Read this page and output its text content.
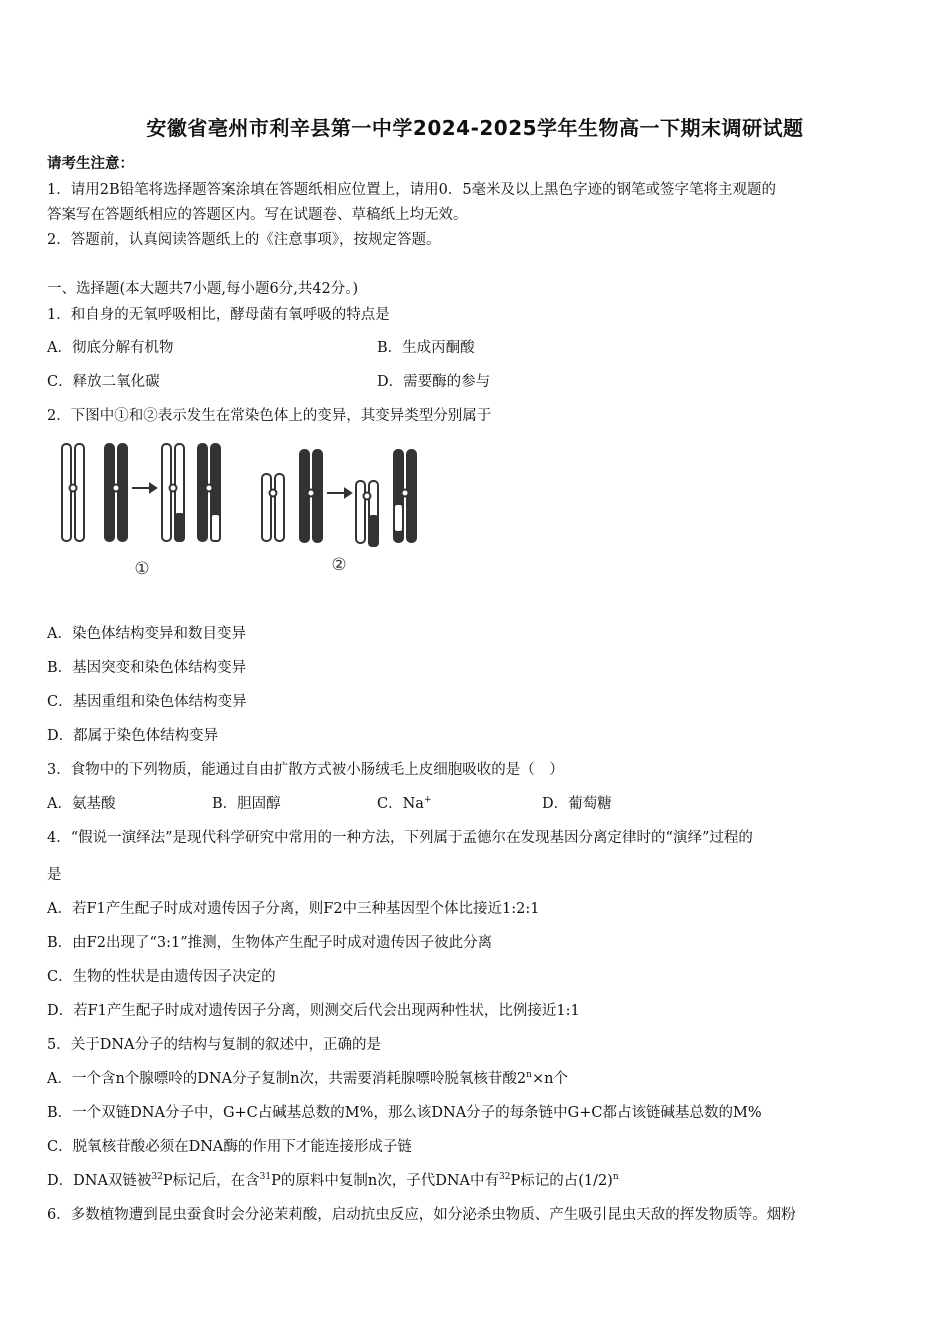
安徽省亳州市利辛县第一中学2024-2025学年生物高一下期末调研试题
请考生注意：
1．请用2B铅笔将选择题答案涂填在答题纸相应位置上，请用0．5毫米及以上黑色字迹的钢笔或签字笔将主观题的
答案写在答题纸相应的答题区内。写在试题卷、草稿纸上均无效。
2．答题前，认真阅读答题纸上的《注意事项》，按规定答题。
一、选择题(本大题共7小题,每小题6分,共42分。)
1．和自身的无氧呼吸相比，酵母菌有氧呼吸的特点是
A．彻底分解有机物	B．生成丙酮酸
C．释放二氧化碳	D．需要酶的参与
2．下图中①和②表示发生在常染色体上的变异，其变异类型分别属于
①	②
A．染色体结构变异和数目变异
B．基因突变和染色体结构变异
C．基因重组和染色体结构变异
D．都属于染色体结构变异
3．食物中的下列物质，能通过自由扩散方式被小肠绒毛上皮细胞吸收的是（　）
A．氨基酸	B．胆固醇	C．Na+	D．葡萄糖
4．“假说一演绎法”是现代科学研究中常用的一种方法，下列属于孟德尔在发现基因分离定律时的“演绎”过程的
是
A．若F1产生配子时成对遗传因子分离，则F2中三种基因型个体比接近1:2:1
B．由F2出现了“3:1”推测，生物体产生配子时成对遗传因子彼此分离
C．生物的性状是由遗传因子决定的
D．若F1产生配子时成对遗传因子分离，则测交后代会出现两种性状，比例接近1:1
5．关于DNA分子的结构与复制的叙述中，正确的是
A．一个含n个腺嘌呤的DNA分子复制n次，共需要消耗腺嘌呤脱氧核苷酸$2^n\times n$个
B．一个双链DNA分子中，G+C占碱基总数的M%，那么该DNA分子的每条链中G+C都占该链碱基总数的M%
C．脱氧核苷酸必须在DNA酶的作用下才能连接形成子链
D．DNA双链被$^{32}$P标记后，在含$^{31}$P的原料中复制n次，子代DNA中有$^{32}$P标记的占$(1/2)^n$
6．多数植物遭到昆虫蚕食时会分泌茉莉酸，启动抗虫反应，如分泌杀虫物质、产生吸引昆虫天敌的挥发物质等。烟粉
